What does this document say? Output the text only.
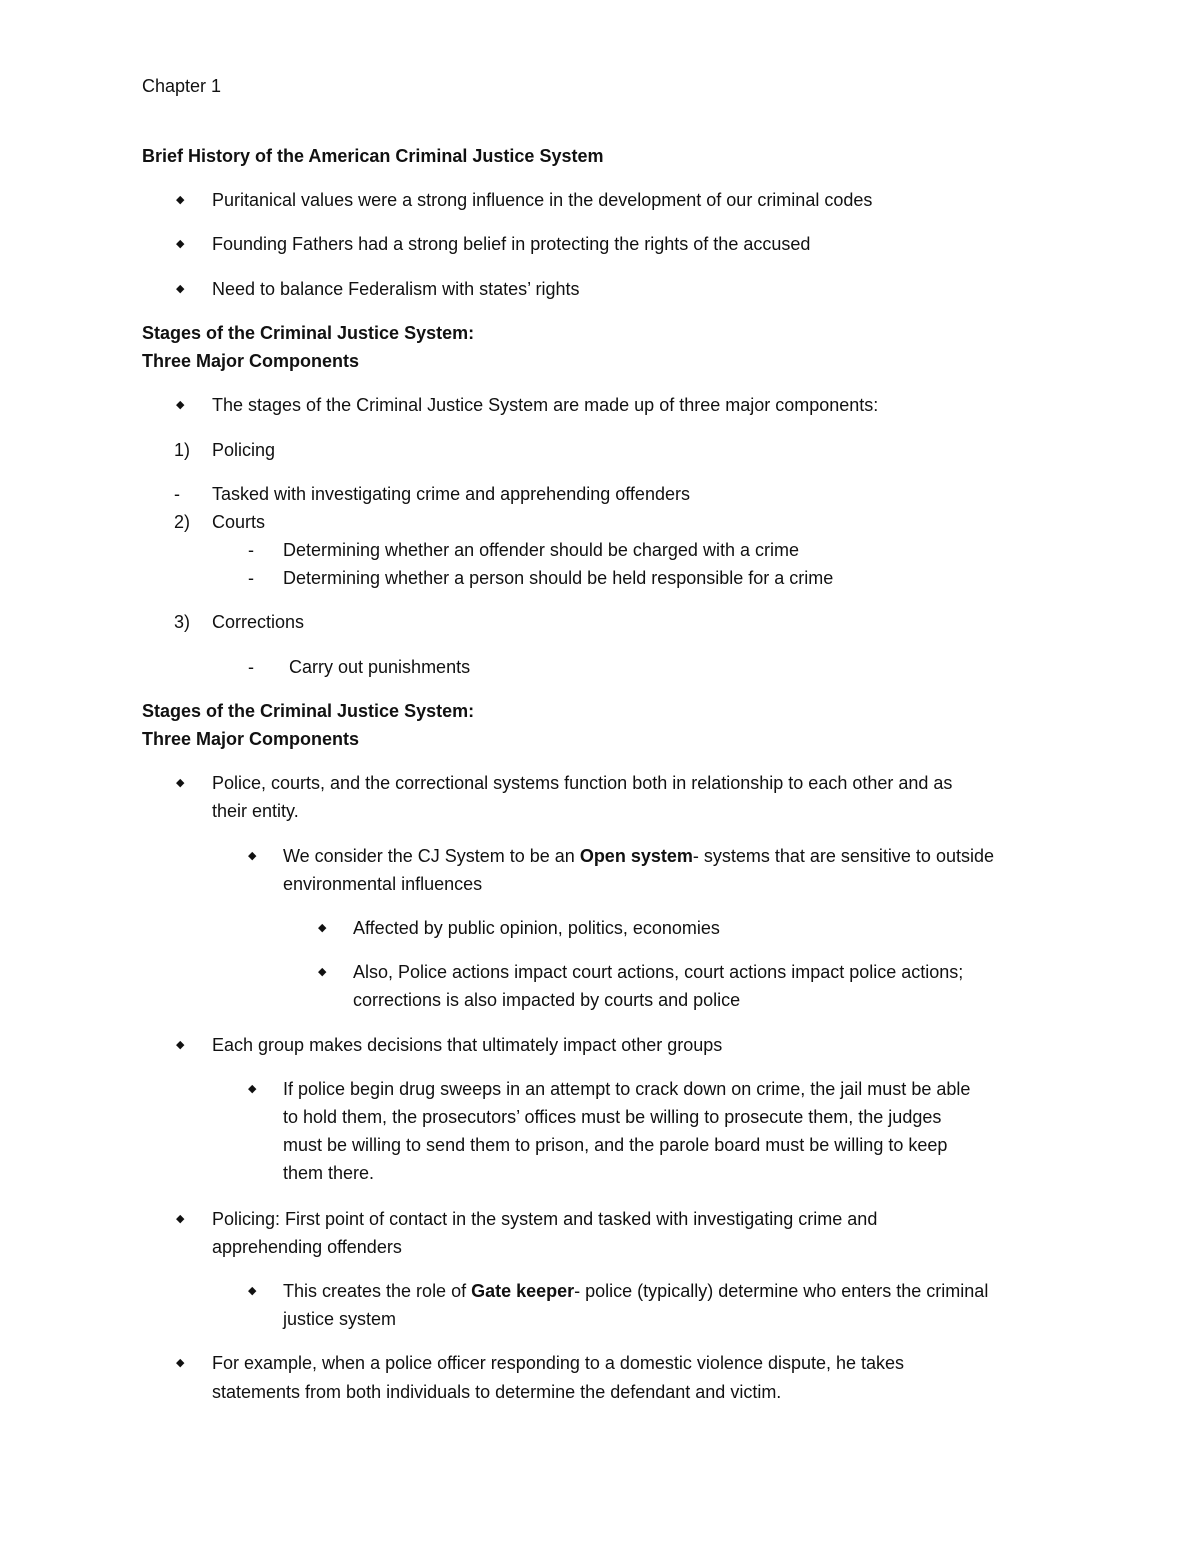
Chapter 1
Brief History of the American Criminal Justice System
◆ Puritanical values were a strong influence in the development of our criminal codes
◆ Founding Fathers had a strong belief in protecting the rights of the accused
◆ Need to balance Federalism with states’ rights
Stages of the Criminal Justice System:
Three Major Components
◆ The stages of the Criminal Justice System are made up of three major components:
1) Policing
- Tasked with investigating crime and apprehending offenders
2) Courts
- Determining whether an offender should be charged with a crime
- Determining whether a person should be held responsible for a crime
3) Corrections
- Carry out punishments
Stages of the Criminal Justice System:
Three Major Components
◆ Police, courts, and the correctional systems function both in relationship to each other and as
their entity.
◆ We consider the CJ System to be an Open system- systems that are sensitive to outside
environmental influences
◆ Affected by public opinion, politics, economies
◆ Also, Police actions impact court actions, court actions impact police actions;
corrections is also impacted by courts and police
◆ Each group makes decisions that ultimately impact other groups
◆ If police begin drug sweeps in an attempt to crack down on crime, the jail must be able
to hold them, the prosecutors’ offices must be willing to prosecute them, the judges
must be willing to send them to prison, and the parole board must be willing to keep
them there.
◆ Policing: First point of contact in the system and tasked with investigating crime and
apprehending offenders
◆ This creates the role of Gate keeper- police (typically) determine who enters the criminal
justice system
◆ For example, when a police officer responding to a domestic violence dispute, he takes
statements from both individuals to determine the defendant and victim.
